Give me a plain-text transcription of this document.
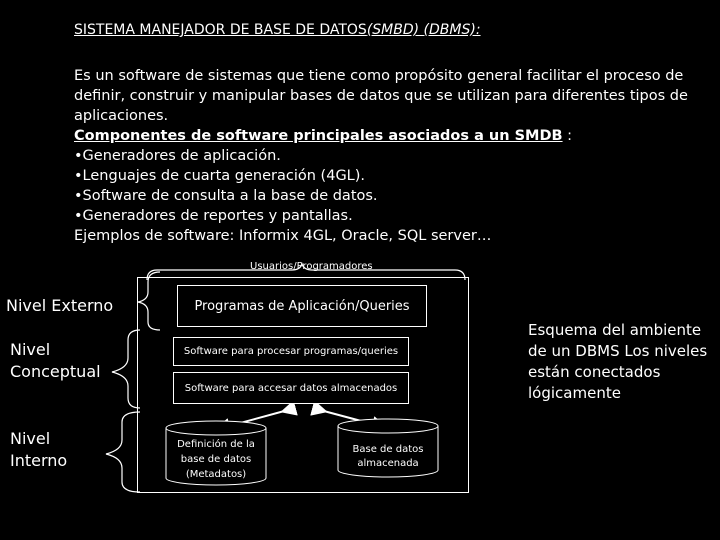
SISTEMA MANEJADOR DE BASE DE DATOS(SMBD) (DBMS):

Es un software de sistemas que tiene como propósito general facilitar el proceso de definir, construir y manipular bases de datos que se utilizan para diferentes tipos de aplicaciones.

Componentes de software principales asociados a un SMDB :

•Generadores de aplicación.

•Lenguajes de cuarta generación (4GL).

•Software de consulta a la base de datos.

•Generadores de reportes y pantallas.

Ejemplos de software: Informix 4GL, Oracle, SQL server…

Usuarios/Programadores
Nivel Externo
Nivel
Conceptual
Nivel
Interno
Programas de Aplicación/Queries
Software para procesar programas/queries
Software para accesar datos almacenados
Definición de la base de datos (Metadatos)
Base de datos almacenada
Esquema del ambiente de un DBMS Los niveles están conectados lógicamente
